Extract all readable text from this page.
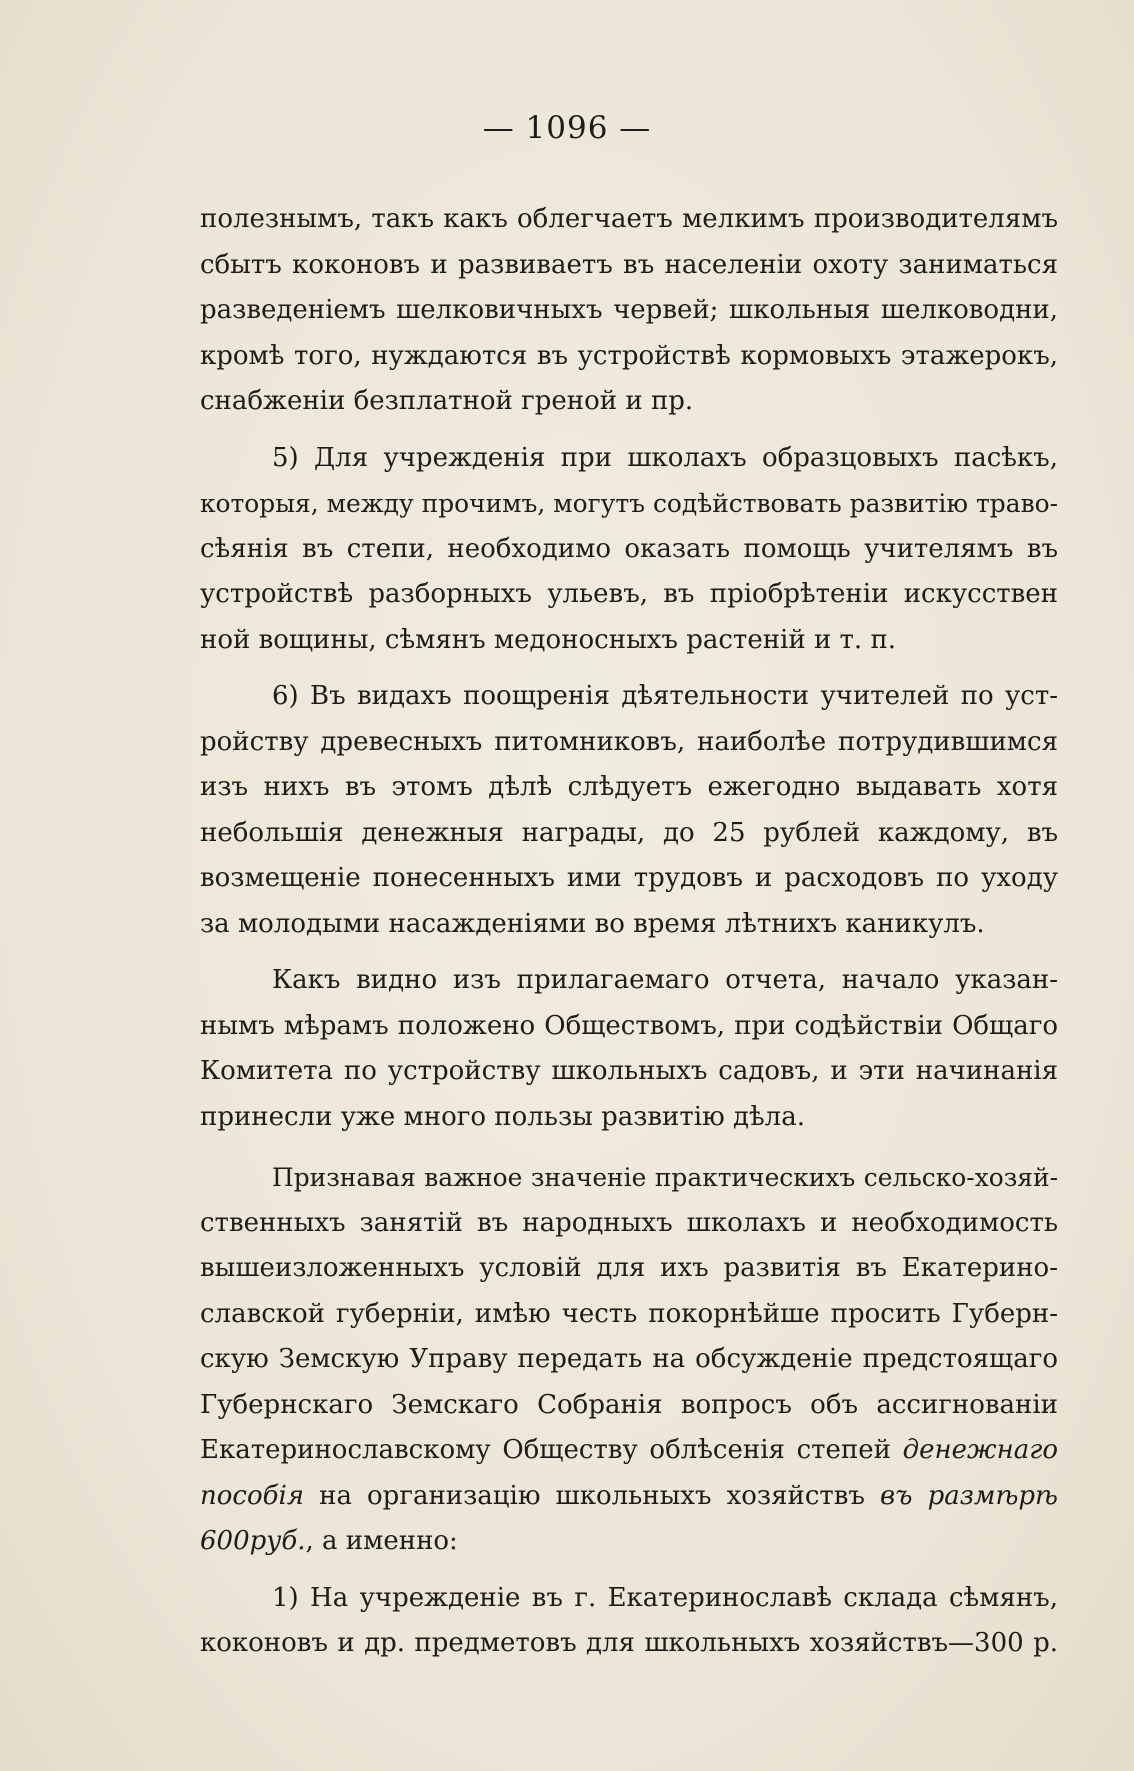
— 1096 —
полезнымъ, такъ какъ облегчаетъ мелкимъ производителямъ
сбытъ коконовъ и развиваетъ въ населеніи охоту заниматься
разведеніемъ шелковичныхъ червей; школьныя шелководни,
кромѣ того, нуждаются въ устройствѣ кормовыхъ этажерокъ,
снабженіи безплатной греной и пр.
5) Для учрежденія при школахъ образцовыхъ пасѣкъ,
которыя, между прочимъ, могутъ содѣйствовать развитію траво-
сѣянія въ степи, необходимо оказать помощь учителямъ въ
устройствѣ разборныхъ ульевъ, въ пріобрѣтеніи искусствен
ной вощины, сѣмянъ медоносныхъ растеній и т. п.
6) Въ видахъ поощренія дѣятельности учителей по уст-
ройству древесныхъ питомниковъ, наиболѣе потрудившимся
изъ нихъ въ этомъ дѣлѣ слѣдуетъ ежегодно выдавать хотя
небольшія денежныя награды, до 25 рублей каждому, въ
возмещеніе понесенныхъ ими трудовъ и расходовъ по уходу
за молодыми насажденіями во время лѣтнихъ каникулъ.
Какъ видно изъ прилагаемаго отчета, начало указан-
нымъ мѣрамъ положено Обществомъ, при содѣйствіи Общаго
Комитета по устройству школьныхъ садовъ, и эти начинанія
принесли уже много пользы развитію дѣла.
Признавая важное значеніе практическихъ сельско-хозяй-
ственныхъ занятій въ народныхъ школахъ и необходимость
вышеизложенныхъ условій для ихъ развитія въ Екатерино-
славской губерніи, имѣю честь покорнѣйше просить Губерн-
скую Земскую Управу передать на обсужденіе предстоящаго
Губернскаго Земскаго Собранія вопросъ объ ассигнованіи
Екатеринославскому Обществу облѣсенія степей денежнаго
пособія на организацію школьныхъ хозяйствъ въ размѣрѣ
600руб., а именно:
1) На учрежденіе въ г. Екатеринославѣ склада сѣмянъ,
коконовъ и др. предметовъ для школьныхъ хозяйствъ—300 р.
